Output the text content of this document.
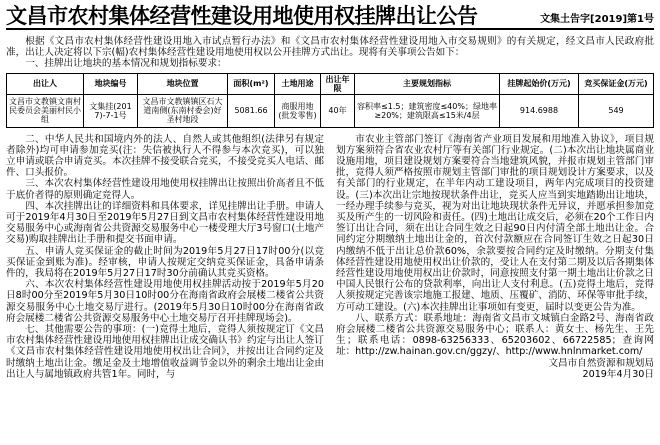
文昌市农村集体经营性建设用地使用权挂牌出让公告	文集土告字[2019]第1号

根据《文昌市农村集体经营性建设用地入市试点暂行办法》和《文昌市农村集体经营性建设用地入市交易规则》的有关规定，经文昌市人民政府批准，出让人决定将以下宗(幅)农村集体经营性建设用地使用权以公开挂牌方式出让。现将有关事项公告如下：

一、挂牌出让地块的基本情况和规划指标要求：

出让人	地块编号	地块位置	面积(m²)	土地用途	出让年限	主要规划指标	挂牌起始价(万元)	竞买保证金(万元)
文昌市文教镇文南村民委员会美丽村民小组	文集挂(2017)-7-1号	文昌市文教镇镇区石大道南侧(东南村委会)好圣村地段	5081.66	商服用地(批发零售)	40年	容积率≤1.5；建筑密度≤40%；绿地率≥20%；建筑限高≤15米/4层	914.6988	549

二、中华人民共和国境内外的法人、自然人或其他组织(法律另有规定者除外)均可申请参加竞买(注：失信被执行人不得参与本次竞买)，可以独立申请或联合申请竞买。本次挂牌不接受联合竞买，不接受竞买人电话、邮件、口头报价。

三、本次农村集体经营性建设用地使用权挂牌出让按照出价高者且不低于底价者得的原则确定竞得人。

四、本次挂牌出让的详细资料和具体要求，详见挂牌出让手册。申请人可于2019年4月30日至2019年5月27日到文昌市农村集体经营性建设用地交易服务中心或海南省公共资源交易服务中心一楼受理大厅3号窗口(土地产交易)购取挂牌出让手册和提交书面申请。

五、申请人竞买保证金的截止时间为2019年5月27日17时00分(以竞买保证金到账为准)。经审核，申请人按规定交纳竞买保证金，具备申请条件的，我局将在2019年5月27日17时30分前确认其竞买资格。

六、本次农村集体经营性建设用地使用权挂牌活动按于2019年5月20日8时00分至2019年5月30日10时00分在海南省政府会展楼二楼省公共资源交易服务中心土地交易厅进行。(2019年5月30日10时00分在海南省政府会展楼二楼省公共资源交易服务中心土地交易厅召开挂牌现场会)。

七、其他需要公告的事项：(一)竞得土地后，竞得人须按规定订《文昌市农村集体经营性建设用地使用权挂牌出让成交确认书》约定与出让人签订《文昌市农村集体经营性建设用地使用权出让合同》，并按出让合同约定及时缴纳土地出让金。缴足金及土地增值收益调节金以外的剩余土地出让金由出让人与属地镇政府共管1年。同时，与

市农业主管部门签订《海南省产业项目发展和用地准入协议》，项目规划方案须符合省农业农村厅等有关部门行业规定。(二)本次出让地块属商业设施用地，项目建设规划方案要符合当地建筑风貌，并报市规划主管部门审批，竞得人须严格按照市规划主管部门审批的项目规划设计方案要求，以及有关部门的行业规定，在半年内动工建设项目，两年内完成项目的投资建设。(三)本次出让宗地按现状条件出让，竞买人应当到实地踏勘出让地块，一经办理手续参与竞买，视为对出让地块现状条件无异议，并愿承担参加竞买及所产生的一切风险和责任。(四)土地出让成交后，必须在20个工作日内签订出让合同，须在出让合同生效之日起90日内付清全部土地出让金。合同约定分期缴纳土地出让金的，首次付款额应在合同签订生效之日起30日内缴纳不低于出让总价款60%，余款要按合同约定及时缴纳。分期支付集体经营性建设用地使用权出让价款的，受让人在支付第二期及以后各期集体经营性建设用地使用权出让价款时，同意按照支付第一期土地出让价款之日中国人民银行公布的贷款利率，向出让人支付利息。(五)竞得土地后，竞得人须按规定完善该宗地施工报建、地质、压覆矿、消防、环保等审批手续，方可动工建设。(六)本次挂牌出让事项如有变更，届时以变更公告为准。

八、联系方式：联系地址：海南省文昌市文城镇白金路2号、海南省政府会展楼二楼省公共资源交易服务中心；联系人：黄女士、杨先生、王先生；联系电话：0898-63256333、65203602、66722585；查询网址：http://zw.hainan.gov.cn/ggzy/、http://www.hnlnmarket.com/

文昌市自然资源和规划局
2019年4月30日
